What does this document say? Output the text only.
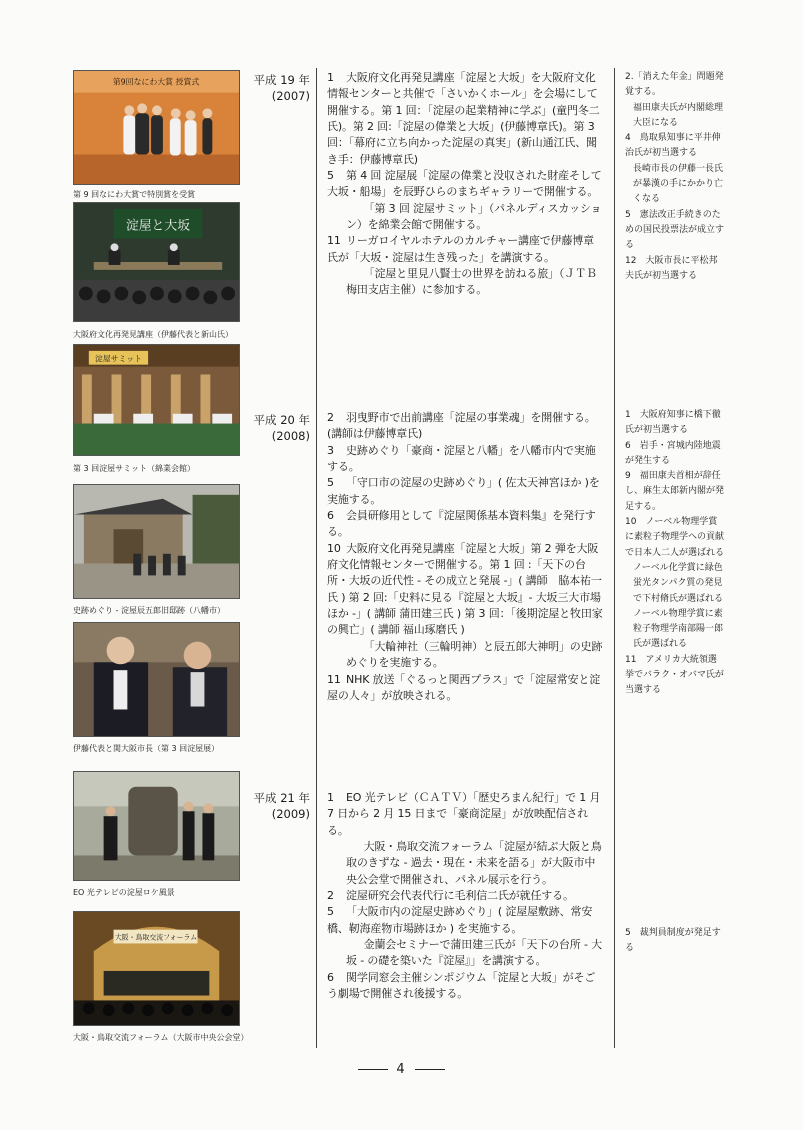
第9回なにわ大賞 授賞式
第 9 回なにわ大賞で特別賞を受賞
淀屋と大坂
大阪府文化再発見講座（伊藤代表と新山氏）
淀屋サミット
第 3 回淀屋サミット（綿業会館）
史跡めぐり - 淀屋辰五郎旧邸跡（八幡市）
伊藤代表と関大阪市長（第 3 回淀屋展）
EO 光テレビの淀屋ロケ風景
大阪・鳥取交流フォーラム
大阪・鳥取交流フォーラム（大阪市中央公会堂）
平成 19 年
(2007)
平成 20 年
(2008)
平成 21 年
(2009)
1 大阪府文化再発見講座「淀屋と大坂」を大阪府文化情報センターと共催で「さいかくホール」を会場にして開催する。第 1 回：「淀屋の起業精神に学ぶ」(童門冬二氏)。第 2 回:「淀屋の偉業と大坂」(伊藤博章氏)。第 3 回：「幕府に立ち向かった淀屋の真実」(新山通江氏、聞き手：伊藤博章氏)
5 第 4 回 淀屋展「淀屋の偉業と没収された財産そして大坂・船場」を辰野ひらのまちギャラリーで開催する。
「第 3 回 淀屋サミット」（パネルディスカッション）を綿業会館で開催する。
11 リーガロイヤルホテルのカルチャー講座で伊藤博章氏が「大坂・淀屋は生き残った」を講演する。
「淀屋と里見八賢士の世界を訪ねる旅」（ＪＴＢ梅田支店主催）に参加する。
2 羽曳野市で出前講座「淀屋の事業魂」を開催する。(講師は伊藤博章氏)
3 史跡めぐり「豪商・淀屋と八幡」を八幡市内で実施する。
5 「守口市の淀屋の史跡めぐり」( 佐太天神宮ほか )を実施する。
6 会員研修用として『淀屋関係基本資料集』を発行する。
10 大阪府文化再発見講座「淀屋と大坂」第 2 弾を大阪府文化情報センターで開催する。第 1 回 :「天下の台所・大坂の近代性 - その成立と発展 -」( 講師　脇本祐一氏 ) 第 2 回:「史料に見る『淀屋と大坂』- 大坂三大市場ほか -」( 講師 蒲田建三氏 ) 第 3 回：「後期淀屋と牧田家の興亡」( 講師 福山琢磨氏 )
「大輪神社（三輪明神）と辰五郎大神明」の史跡めぐりを実施する。
11 NHK 放送「ぐるっと関西プラス」で「淀屋常安と淀屋の人々」が放映される。
1 EO 光テレビ（ＣＡＴＶ）「歴史ろまん紀行」で 1 月 7 日から 2 月 15 日まで「豪商淀屋」が放映配信される。
大阪・鳥取交流フォーラム「淀屋が結ぶ大阪と鳥取のきずな - 過去・現在・未来を語る」が大阪市中央公会堂で開催され、パネル展示を行う。
2 淀屋研究会代表代行に毛利信二氏が就任する。
5 「大阪市内の淀屋史跡めぐり」( 淀屋屋敷跡、常安橋、靭海産物市場跡ほか ) を実施する。
金蘭会セミナーで蒲田建三氏が「天下の台所 - 大坂 - の礎を築いた『淀屋』」を講演する。
6 関学同窓会主催シンポジウム「淀屋と大坂」がそごう劇場で開催され後援する。
2.「消えた年金」問題発覚する。
福田康夫氏が内閣総理大臣になる
4　 鳥取県知事に平井伸治氏が初当選する
長崎市長の伊藤一長氏が暴漢の手にかかり亡くなる
5　 憲法改正手続きのための国民投票法が成立する
12　 大阪市長に平松邦夫氏が初当選する
1　 大阪府知事に橋下徹氏が初当選する
6　 岩手・宮城内陸地震が発生する
9　 福田康夫首相が辞任し、麻生太郎新内閣が発足する。
10　 ノーベル物理学賞に素粒子物理学への貢献で日本人二人が選ばれる
ノーベル化学賞に緑色蛍光タンパク質の発見で下村脩氏が選ばれる
ノーベル物理学賞に素粒子物理学南部陽一郎氏が選ばれる
11　 アメリカ大統領選挙でバラク・オバマ氏が当選する
5　 裁判員制度が発足する
4
